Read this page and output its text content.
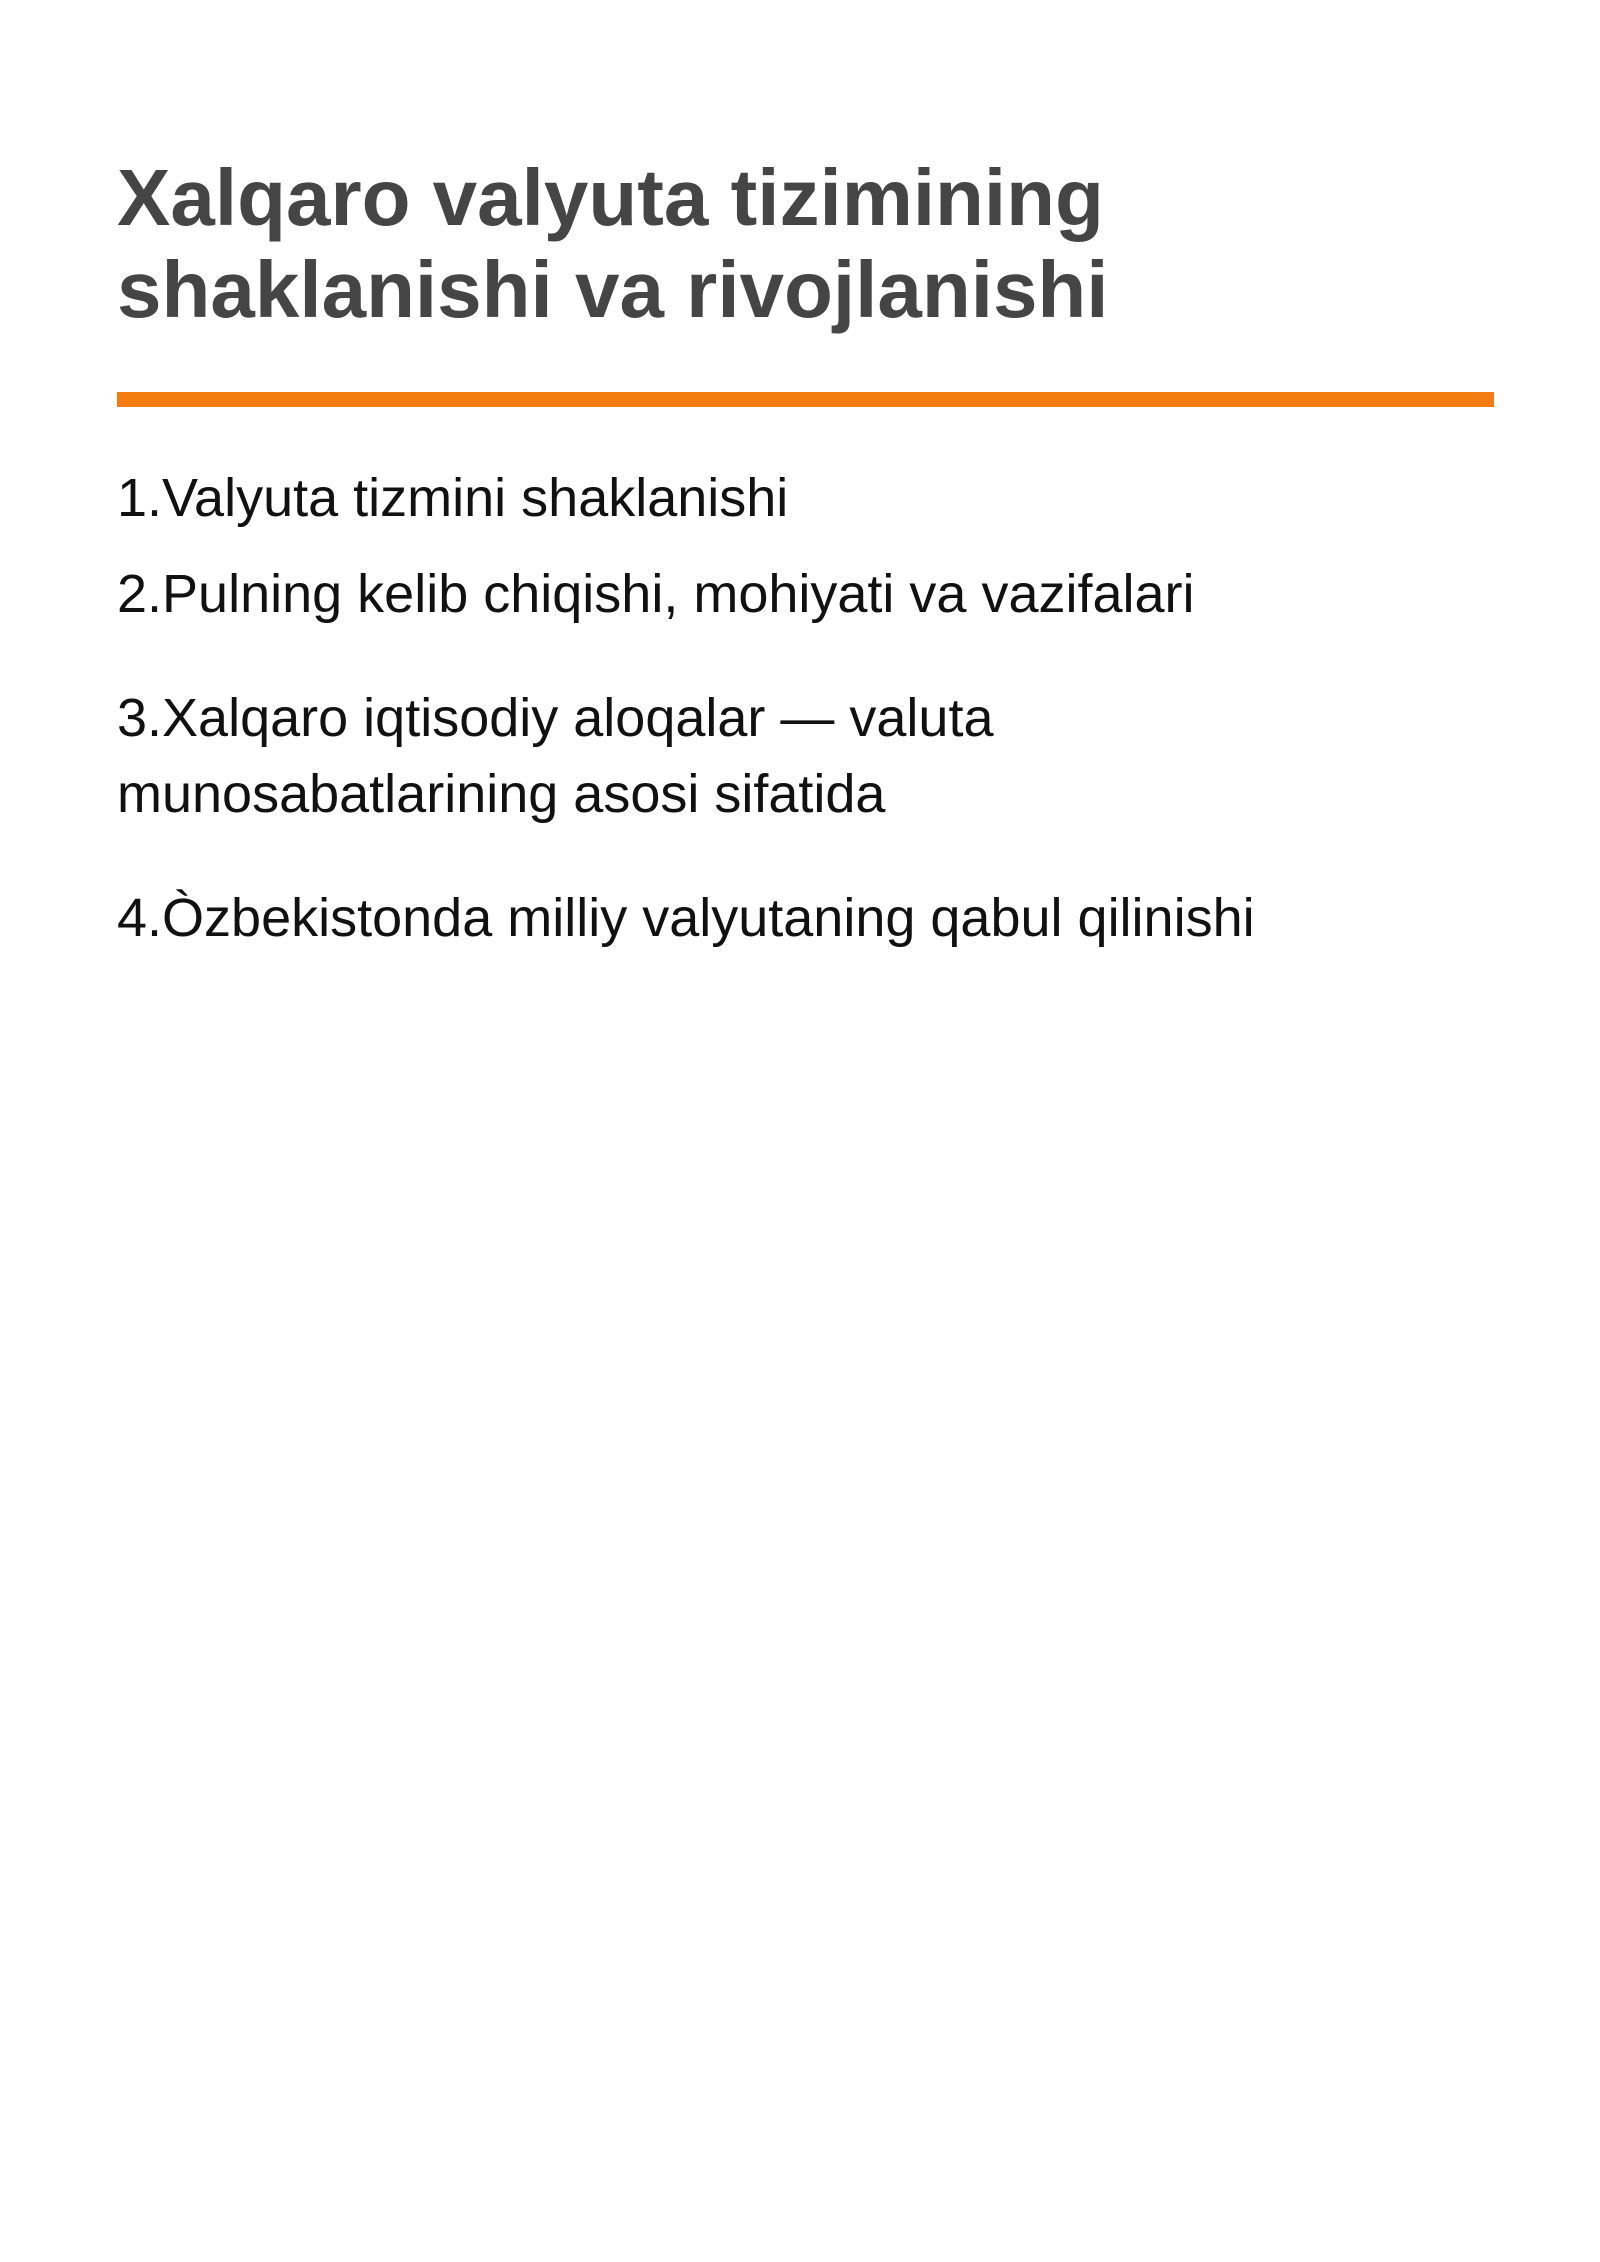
Xalqaro valyuta tizimining
shaklanishi va rivojlanishi

1.Valyuta tizmini shaklanishi

2.Pulning kelib chiqishi, mohiyati va vazifalari

3.Xalqaro iqtisodiy aloqalar — valuta
munosabatlarining asosi sifatida

4.Òzbekistonda milliy valyutaning qabul qilinishi
